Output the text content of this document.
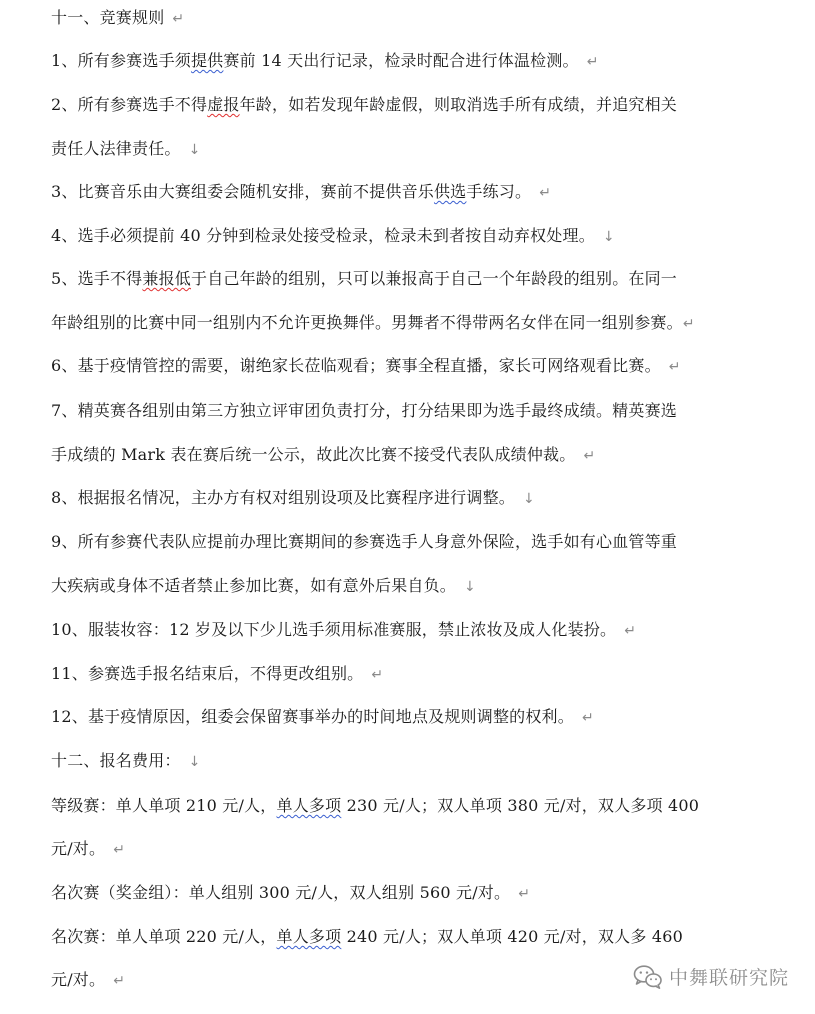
十一、竞赛规则 ↵
1、所有参赛选手须提供赛前 14 天出行记录，检录时配合进行体温检测。 ↵
2、所有参赛选手不得虚报年龄，如若发现年龄虚假，则取消选手所有成绩，并追究相关
责任人法律责任。 ↓
3、比赛音乐由大赛组委会随机安排，赛前不提供音乐供选手练习。 ↵
4、选手必须提前 40 分钟到检录处接受检录，检录未到者按自动弃权处理。 ↓
5、选手不得兼报低于自己年龄的组别，只可以兼报高于自己一个年龄段的组别。在同一
年龄组别的比赛中同一组别内不允许更换舞伴。男舞者不得带两名女伴在同一组别参赛。↵
6、基于疫情管控的需要，谢绝家长莅临观看；赛事全程直播，家长可网络观看比赛。 ↵
7、精英赛各组别由第三方独立评审团负责打分，打分结果即为选手最终成绩。精英赛选
手成绩的 Mark 表在赛后统一公示，故此次比赛不接受代表队成绩仲裁。 ↵
8、根据报名情况，主办方有权对组别设项及比赛程序进行调整。 ↓
9、所有参赛代表队应提前办理比赛期间的参赛选手人身意外保险，选手如有心血管等重
大疾病或身体不适者禁止参加比赛，如有意外后果自负。 ↓
10、服装妆容：12 岁及以下少儿选手须用标准赛服，禁止浓妆及成人化装扮。 ↵
11、参赛选手报名结束后，不得更改组别。 ↵
12、基于疫情原因，组委会保留赛事举办的时间地点及规则调整的权利。 ↵
十二、报名费用： ↓
等级赛：单人单项 210 元/人，单人多项 230 元/人；双人单项 380 元/对，双人多项 400
元/对。 ↵
名次赛（奖金组）：单人组别 300 元/人，双人组别 560 元/对。 ↵
名次赛：单人单项 220 元/人，单人多项 240 元/人；双人单项 420 元/对，双人多 460
元/对。 ↵	中舞联研究院
